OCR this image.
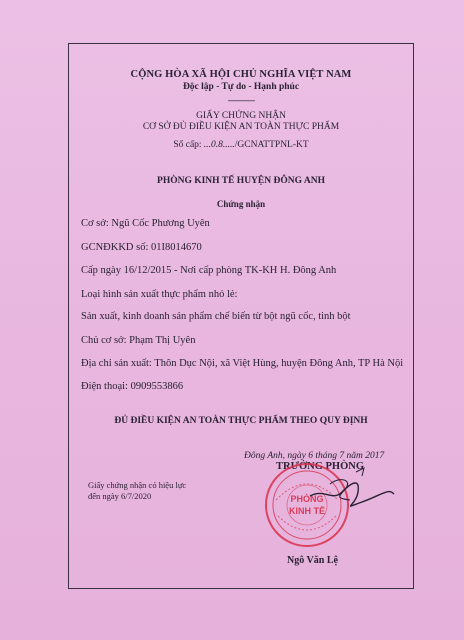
CỘNG HÒA XÃ HỘI CHỦ NGHĨA VIỆT NAM
Độc lập - Tự do - Hạnh phúc
----------------
GIẤY CHỨNG NHẬN
CƠ SỞ ĐỦ ĐIỀU KIỆN AN TOÀN THỰC PHẨM
Số cấp: ...0.8...../GCNATTPNL-KT
PHÒNG KINH TẾ HUYỆN ĐÔNG ANH
Chứng nhận
Cơ sở: Ngũ Cốc Phương Uyên
GCNĐKKD số: 01I8014670
Cấp ngày 16/12/2015 - Nơi cấp phòng TK-KH H. Đông Anh
Loại hình sản xuất thực phẩm nhỏ lẻ:
Sản xuất, kinh doanh sản phẩm chế biến từ bột ngũ cốc, tinh bột
Chủ cơ sở: Phạm Thị Uyên
Địa chỉ sản xuất: Thôn Dục Nội, xã Việt Hùng, huyện Đông Anh, TP Hà Nội
Điện thoại: 0909553866
ĐỦ ĐIỀU KIỆN AN TOÀN THỰC PHẨM THEO QUY ĐỊNH
Đông Anh, ngày 6 tháng 7 năm 2017
TRƯỞNG PHÒNG
Giấy chứng nhận có hiệu lực
đến ngày 6/7/2020	PHÒNG
KINH TẾ
Ngô Văn Lệ
